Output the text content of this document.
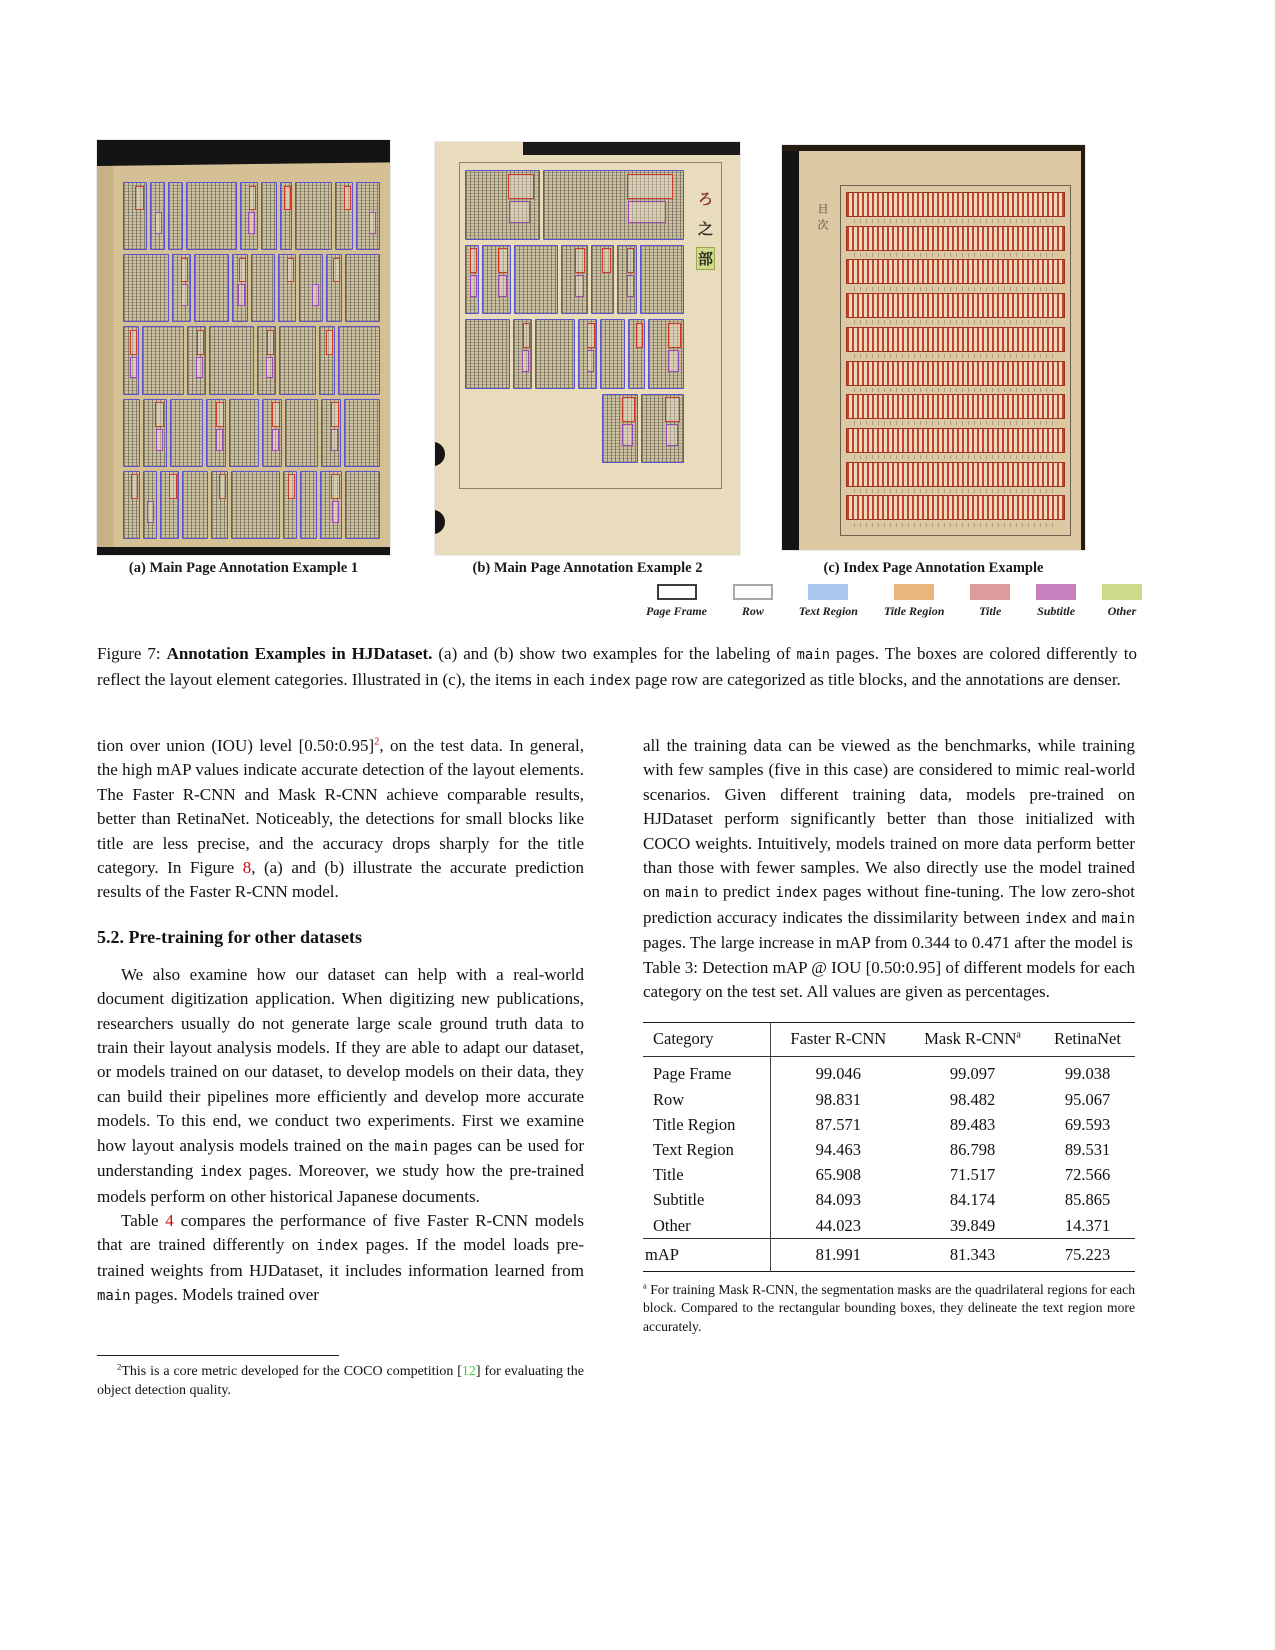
ろ
之
部
目次
(a) Main Page Annotation Example 1	(b) Main Page Annotation Example 2	(c) Index Page Annotation Example
Page Frame	Row	Text Region Title Region	Title	Subtitle	Other

Figure 7: Annotation Examples in HJDataset. (a) and (b) show two examples for the labeling of main pages. The boxes are colored differently to reflect the layout element categories. Illustrated in (c), the items in each index page row are categorized as title blocks, and the annotations are denser.

tion over union (IOU) level [0.50:0.95]$^2$, on the test data. In general, the high mAP values indicate accurate detection of the layout elements. The Faster R-CNN and Mask R-CNN achieve comparable results, better than RetinaNet. Noticeably, the detections for small blocks like title are less precise, and the accuracy drops sharply for the title category. In Figure 8, (a) and (b) illustrate the accurate prediction results of the Faster R-CNN model.

5.2. Pre-training for other datasets

We also examine how our dataset can help with a real-world document digitization application. When digitizing new publications, researchers usually do not generate large scale ground truth data to train their layout analysis models. If they are able to adapt our dataset, or models trained on our dataset, to develop models on their data, they can build their pipelines more efficiently and develop more accurate models. To this end, we conduct two experiments. First we examine how layout analysis models trained on the main pages can be used for understanding index pages. Moreover, we study how the pre-trained models perform on other historical Japanese documents.

Table 4 compares the performance of five Faster R-CNN models that are trained differently on index pages. If the model loads pre-trained weights from HJDataset, it includes information learned from main pages. Models trained over

$^2$This is a core metric developed for the COCO competition [12] for evaluating the object detection quality.

all the training data can be viewed as the benchmarks, while training with few samples (five in this case) are considered to mimic real-world scenarios. Given different training data, models pre-trained on HJDataset perform significantly better than those initialized with COCO weights. Intuitively, models trained on more data perform better than those with fewer samples. We also directly use the model trained on main to predict index pages without fine-tuning. The low zero-shot prediction accuracy indicates the dissimilarity between index and main pages. The large increase in mAP from 0.344 to 0.471 after the model is

Table 3: Detection mAP @ IOU [0.50:0.95] of different models for each category on the test set. All values are given as percentages.

Category	Faster R-CNN	Mask R-CNN$^a$	RetinaNet
Page Frame	99.046	99.097	99.038
Row	98.831	98.482	95.067
Title Region	87.571	89.483	69.593
Text Region	94.463	86.798	89.531
Title	65.908	71.517	72.566
Subtitle	84.093	84.174	85.865
Other	44.023	39.849	14.371
mAP	81.991	81.343	75.223

$^a$ For training Mask R-CNN, the segmentation masks are the quadrilateral regions for each block. Compared to the rectangular bounding boxes, they delineate the text region more accurately.
